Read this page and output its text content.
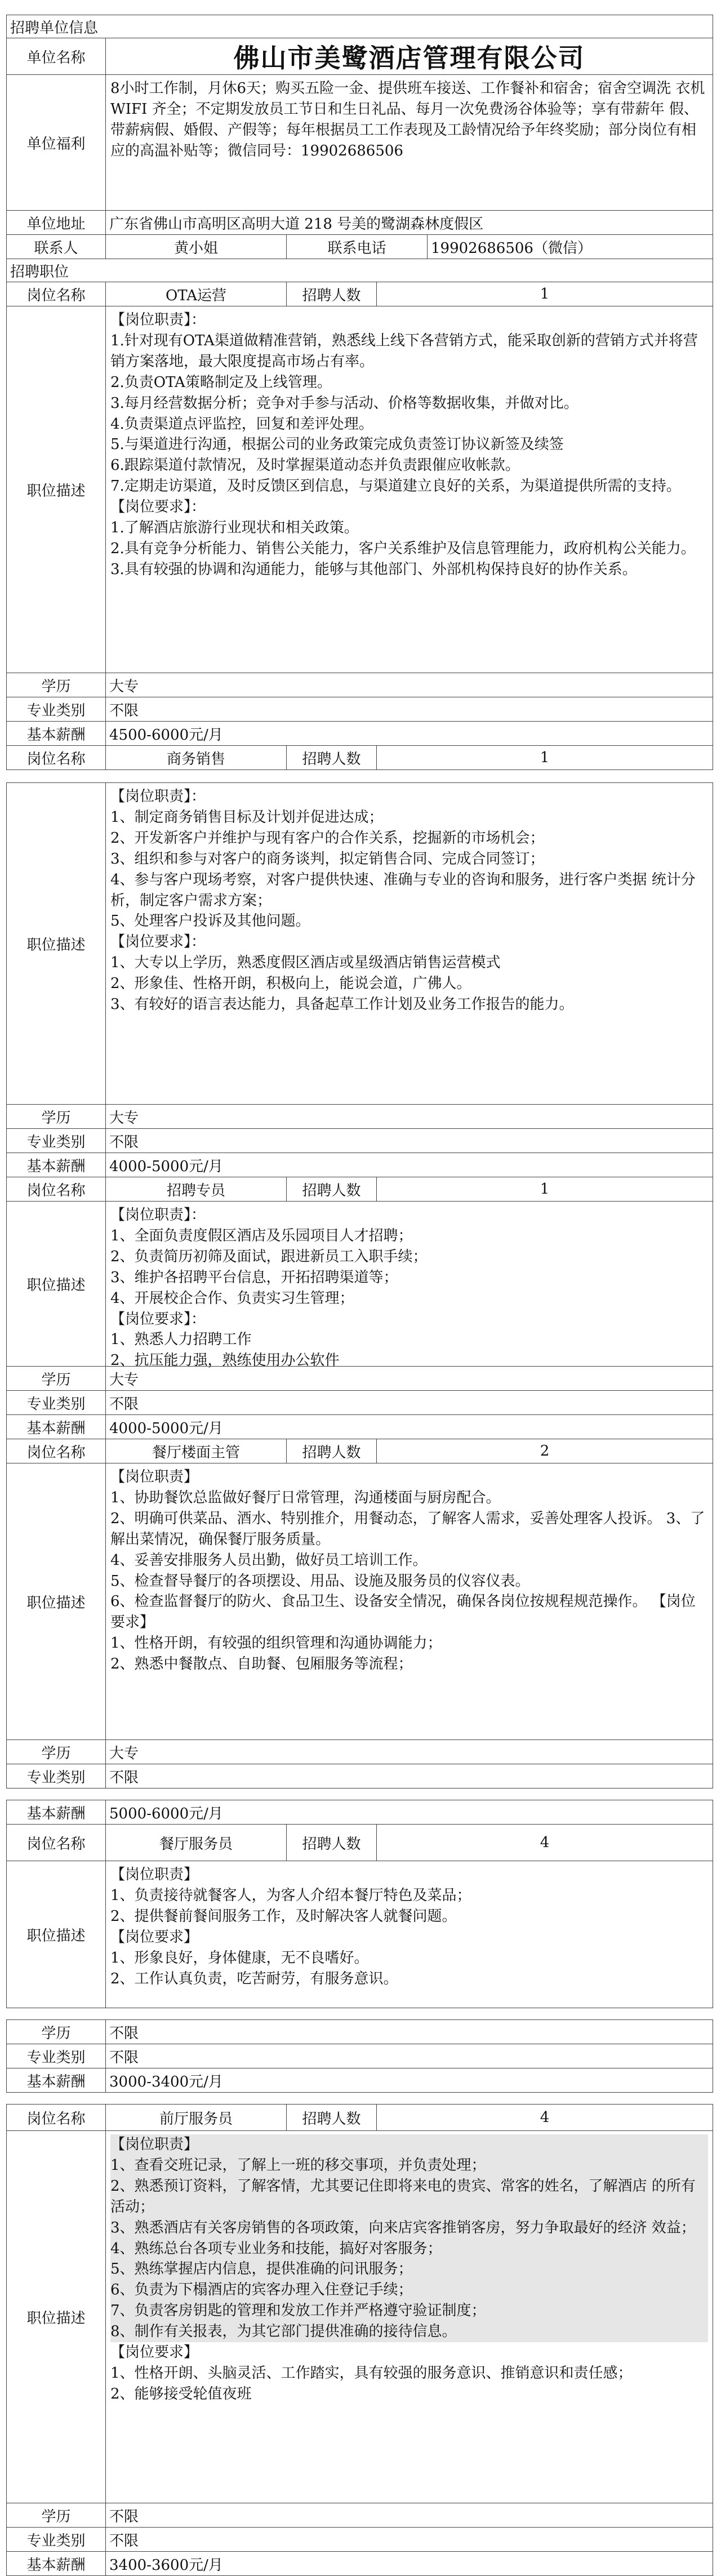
招聘单位信息
单位名称	佛山市美鹭酒店管理有限公司
单位福利
8小时工作制，月休6天；购买五险一金、提供班车接送、工作餐补和宿舍；宿舍空调洗 衣机 WIFI 齐全；不定期发放员工节日和生日礼品、每月一次免费汤谷体验等；享有带薪年 假、带薪病假、婚假、产假等；每年根据员工工作表现及工龄情况给予年终奖励；部分岗位有相应的高温补贴等；微信同号：19902686506
单位地址	广东省佛山市高明区高明大道 218 号美的鹭湖森林度假区
联系人	黄小姐	联系电话	19902686506（微信）
招聘职位
岗位名称	OTA运营	招聘人数	1
职位描述

【岗位职责】：

1.针对现有OTA渠道做精准营销，熟悉线上线下各营销方式，能采取创新的营销方式并将营销方案落地，最大限度提高市场占有率。

2.负责OTA策略制定及上线管理。

3.每月经营数据分析；竞争对手参与活动、价格等数据收集，并做对比。

4.负责渠道点评监控，回复和差评处理。

5.与渠道进行沟通，根据公司的业务政策完成负责签订协议新签及续签

6.跟踪渠道付款情况，及时掌握渠道动态并负责跟催应收帐款。

7.定期走访渠道，及时反馈区到信息，与渠道建立良好的关系，为渠道提供所需的支持。

【岗位要求】：

1.了解酒店旅游行业现状和相关政策。

2.具有竞争分析能力、销售公关能力，客户关系维护及信息管理能力，政府机构公关能力。

3.具有较强的协调和沟通能力，能够与其他部门、外部机构保持良好的协作关系。

学历	大专
专业类别	不限
基本薪酬	4500-6000元/月
岗位名称	商务销售	招聘人数	1
职位描述

【岗位职责】：

1、制定商务销售目标及计划并促进达成；

2、开发新客户并维护与现有客户的合作关系，挖掘新的市场机会；

3、组织和参与对客户的商务谈判，拟定销售合同、完成合同签订；

4、参与客户现场考察，对客户提供快速、准确与专业的咨询和服务，进行客户类据 统计分析，制定客户需求方案；

5、处理客户投诉及其他问题。

【岗位要求】：

1、大专以上学历，熟悉度假区酒店或星级酒店销售运营模式

2、形象佳、性格开朗，积极向上，能说会道，广佛人。

3、有较好的语言表达能力，具备起草工作计划及业务工作报告的能力。

学历	大专
专业类别	不限
基本薪酬	4000-5000元/月
岗位名称	招聘专员	招聘人数	1
职位描述

【岗位职责】：

1、全面负责度假区酒店及乐园项目人才招聘；

2、负责简历初筛及面试，跟进新员工入职手续；

3、维护各招聘平台信息，开拓招聘渠道等；

4、开展校企合作、负责实习生管理；

【岗位要求】：

1、熟悉人力招聘工作

2、抗压能力强，熟练使用办公软件

学历	大专
专业类别	不限
基本薪酬	4000-5000元/月
岗位名称	餐厅楼面主管	招聘人数	2
职位描述

【岗位职责】

1、协助餐饮总监做好餐厅日常管理，沟通楼面与厨房配合。

2、明确可供菜品、酒水、特别推介，用餐动态，了解客人需求，妥善处理客人投诉。 3、了解出菜情况，确保餐厅服务质量。

4、妥善安排服务人员出勤，做好员工培训工作。

5、检查督导餐厅的各项摆设、用品、设施及服务员的仪容仪表。

6、检查监督餐厅的防火、食品卫生、设备安全情况，确保各岗位按规程规范操作。 【岗位要求】

1、性格开朗，有较强的组织管理和沟通协调能力；

2、熟悉中餐散点、自助餐、包厢服务等流程；

学历	大专
专业类别	不限
基本薪酬	5000-6000元/月
岗位名称	餐厅服务员	招聘人数	4
职位描述

【岗位职责】

1、负责接待就餐客人，为客人介绍本餐厅特色及菜品；

2、提供餐前餐间服务工作，及时解决客人就餐问题。

【岗位要求】

1、形象良好，身体健康，无不良嗜好。

2、工作认真负责，吃苦耐劳，有服务意识。

学历	不限
专业类别	不限
基本薪酬	3000-3400元/月
岗位名称	前厅服务员	招聘人数	4
职位描述

【岗位职责】

1、查看交班记录，了解上一班的移交事项，并负责处理；

2、熟悉预订资料，了解客情，尤其要记住即将来电的贵宾、常客的姓名，了解酒店 的所有活动；

3、熟悉酒店有关客房销售的各项政策，向来店宾客推销客房，努力争取最好的经济 效益；

4、熟练总台各项专业业务和技能，搞好对客服务；

5、熟练掌握店内信息，提供准确的问讯服务；

6、负责为下榻酒店的宾客办理入住登记手续；

7、负责客房钥匙的管理和发放工作并严格遵守验证制度；

8、制作有关报表，为其它部门提供准确的接待信息。

【岗位要求】

1、性格开朗、头脑灵活、工作踏实，具有较强的服务意识、推销意识和责任感；

2、能够接受轮值夜班

学历	不限
专业类别	不限
基本薪酬	3400-3600元/月
